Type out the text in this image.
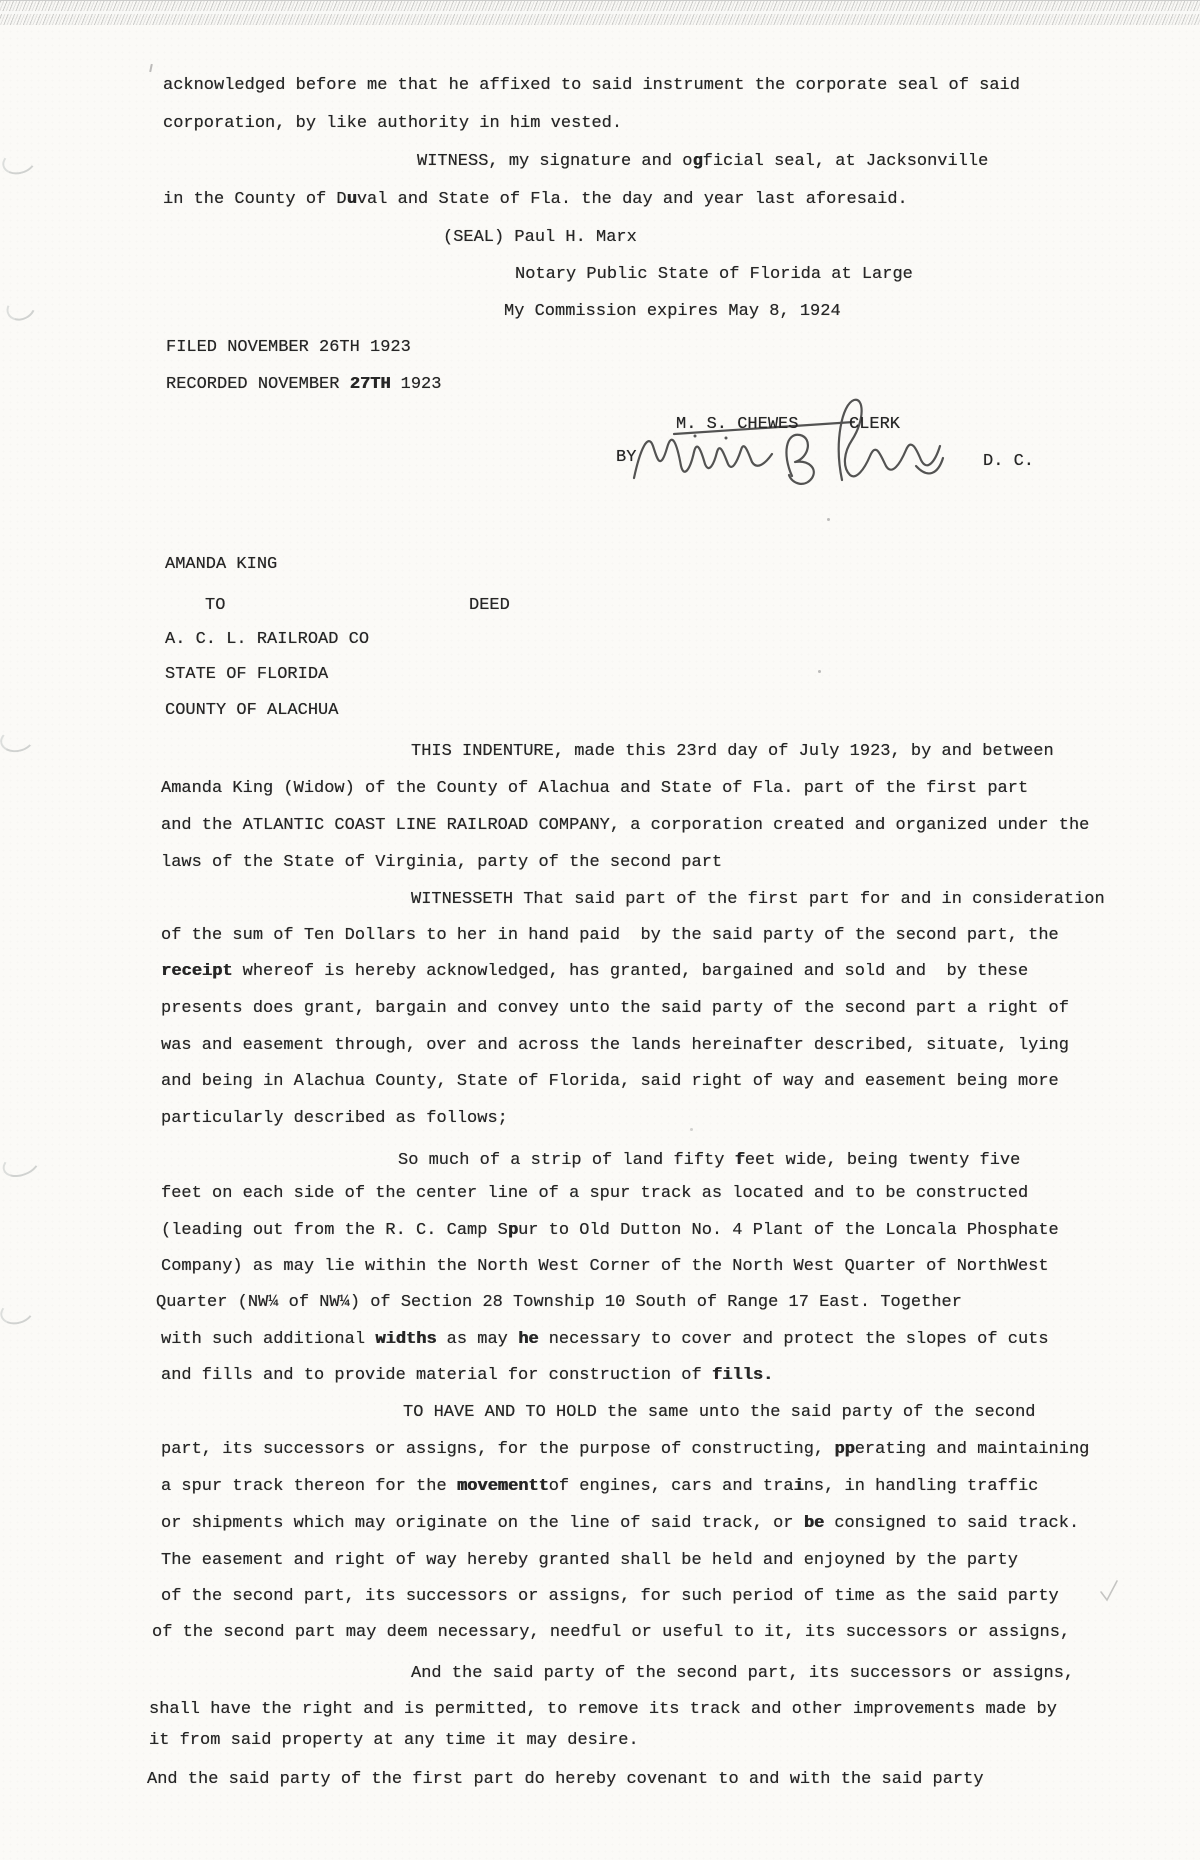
acknowledged before me that he affixed to said instrument the corporate seal of said
corporation, by like authority in him vested.
WITNESS, my signature and ogficial seal, at Jacksonville
in the County of Duval and State of Fla. the day and year last aforesaid.
(SEAL) Paul H. Marx
Notary Public State of Florida at Large
My Commission expires May 8, 1924
FILED NOVEMBER 26TH 1923
RECORDED NOVEMBER 27TH 1923
M. S. CHEWES	CLERK
BY	D. C.
AMANDA KING
TO	DEED
A. C. L. RAILROAD CO
STATE OF FLORIDA
COUNTY OF ALACHUA
THIS INDENTURE, made this 23rd day of July 1923, by and between
Amanda King (Widow) of the County of Alachua and State of Fla. part of the first part
and the ATLANTIC COAST LINE RAILROAD COMPANY, a corporation created and organized under the
laws of the State of Virginia, party of the second part
WITNESSETH That said part of the first part for and in consideration
of the sum of Ten Dollars to her in hand paid  by the said party of the second part, the
receipt whereof is hereby acknowledged, has granted, bargained and sold and  by these
presents does grant, bargain and convey unto the said party of the second part a right of
was and easement through, over and across the lands hereinafter described, situate, lying
and being in Alachua County, State of Florida, said right of way and easement being more
particularly described as follows;
So much of a strip of land fifty feet wide, being twenty five
feet on each side of the center line of a spur track as located and to be constructed
(leading out from the R. C. Camp Spur to Old Dutton No. 4 Plant of the Loncala Phosphate
Company) as may lie within the North West Corner of the North West Quarter of NorthWest
Quarter (NW¼ of NW¼) of Section 28 Township 10 South of Range 17 East. Together
with such additional widths as may he necessary to cover and protect the slopes of cuts
and fills and to provide material for construction of fills.
TO HAVE AND TO HOLD the same unto the said party of the second
part, its successors or assigns, for the purpose of constructing, pperating and maintaining
a spur track thereon for the movementtof engines, cars and trains, in handling traffic
or shipments which may originate on the line of said track, or be consigned to said track.
The easement and right of way hereby granted shall be held and enjoyned by the party
of the second part, its successors or assigns, for such period of time as the said party
of the second part may deem necessary, needful or useful to it, its successors or assigns,
And the said party of the second part, its successors or assigns,
shall have the right and is permitted, to remove its track and other improvements made by
it from said property at any time it may desire.
And the said party of the first part do hereby covenant to and with the said party
